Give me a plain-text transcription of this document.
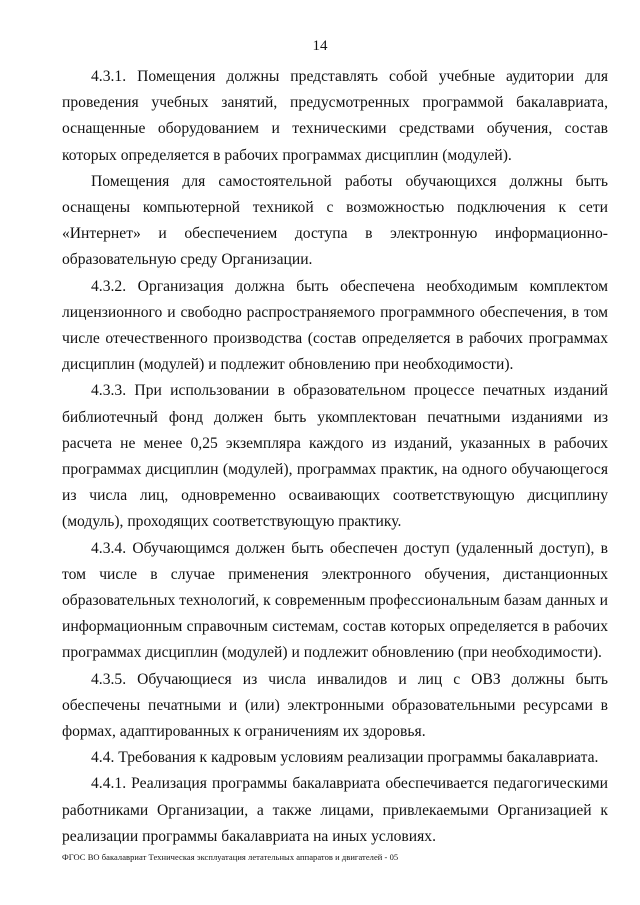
14

4.3.1. Помещения должны представлять собой учебные аудитории для проведения учебных занятий, предусмотренных программой бакалавриата, оснащенные оборудованием и техническими средствами обучения, состав которых определяется в рабочих программах дисциплин (модулей).

Помещения для самостоятельной работы обучающихся должны быть оснащены компьютерной техникой с возможностью подключения к сети «Интернет» и обеспечением доступа в электронную информационно-образовательную среду Организации.

4.3.2. Организация должна быть обеспечена необходимым комплектом лицензионного и свободно распространяемого программного обеспечения, в том числе отечественного производства (состав определяется в рабочих программах дисциплин (модулей) и подлежит обновлению при необходимости).

4.3.3. При использовании в образовательном процессе печатных изданий библиотечный фонд должен быть укомплектован печатными изданиями из расчета не менее 0,25 экземпляра каждого из изданий, указанных в рабочих программах дисциплин (модулей), программах практик, на одного обучающегося из числа лиц, одновременно осваивающих соответствующую дисциплину (модуль), проходящих соответствующую практику.

4.3.4. Обучающимся должен быть обеспечен доступ (удаленный доступ), в том числе в случае применения электронного обучения, дистанционных образовательных технологий, к современным профессиональным базам данных и информационным справочным системам, состав которых определяется в рабочих программах дисциплин (модулей) и подлежит обновлению (при необходимости).

4.3.5. Обучающиеся из числа инвалидов и лиц с ОВЗ должны быть обеспечены печатными и (или) электронными образовательными ресурсами в формах, адаптированных к ограничениям их здоровья.

4.4. Требования к кадровым условиям реализации программы бакалавриата.

4.4.1. Реализация программы бакалавриата обеспечивается педагогическими работниками Организации, а также лицами, привлекаемыми Организацией к реализации программы бакалавриата на иных условиях.

ФГОС ВО бакалавриат Техническая эксплуатация летательных аппаратов и двигателей - 05
